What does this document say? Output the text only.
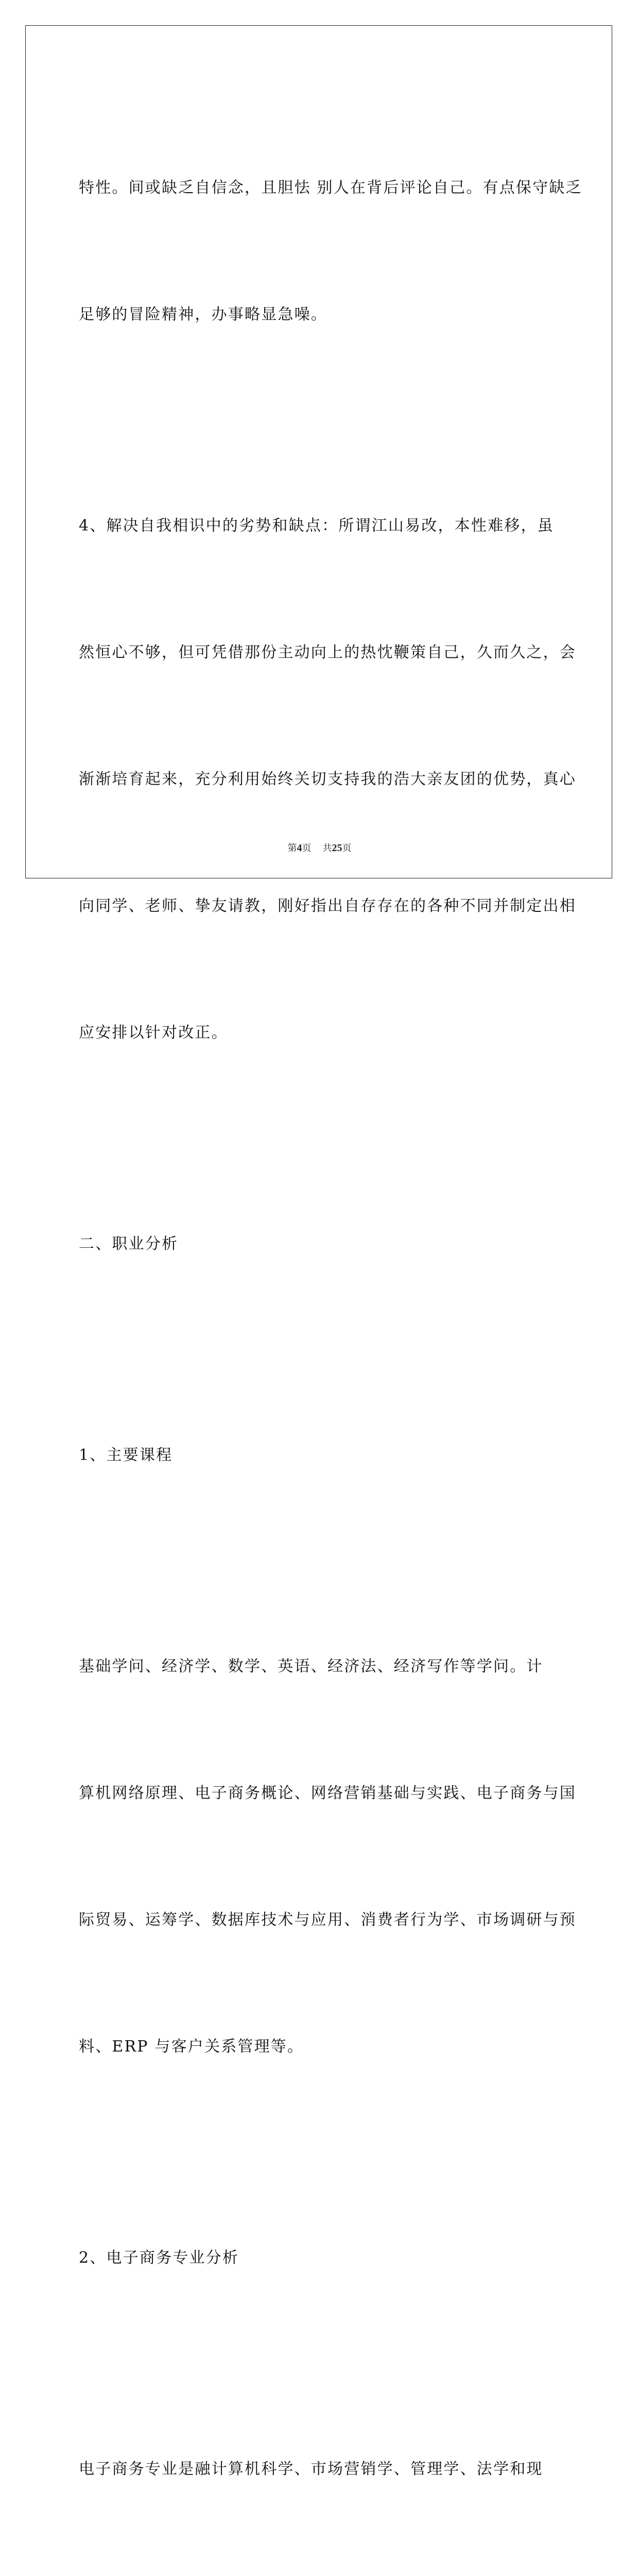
特性。间或缺乏自信念，且胆怯 别人在背后评论自己。有点保守缺乏

足够的冒险精神，办事略显急噪。

4、解决自我相识中的劣势和缺点：所谓江山易改，本性难移，虽

然恒心不够，但可凭借那份主动向上的热忱鞭策自己，久而久之，会

渐渐培育起来，充分利用始终关切支持我的浩大亲友团的优势，真心

向同学、老师、挚友请教，刚好指出自存存在的各种不同并制定出相

应安排以针对改正。

二、职业分析

1、主要课程

基础学问、经济学、数学、英语、经济法、经济写作等学问。计

算机网络原理、电子商务概论、网络营销基础与实践、电子商务与国

际贸易、运筹学、数据库技术与应用、消费者行为学、市场调研与预

料、ERP 与客户关系管理等。

2、电子商务专业分析

电子商务专业是融计算机科学、市场营销学、管理学、法学和现

第4页 共25页
